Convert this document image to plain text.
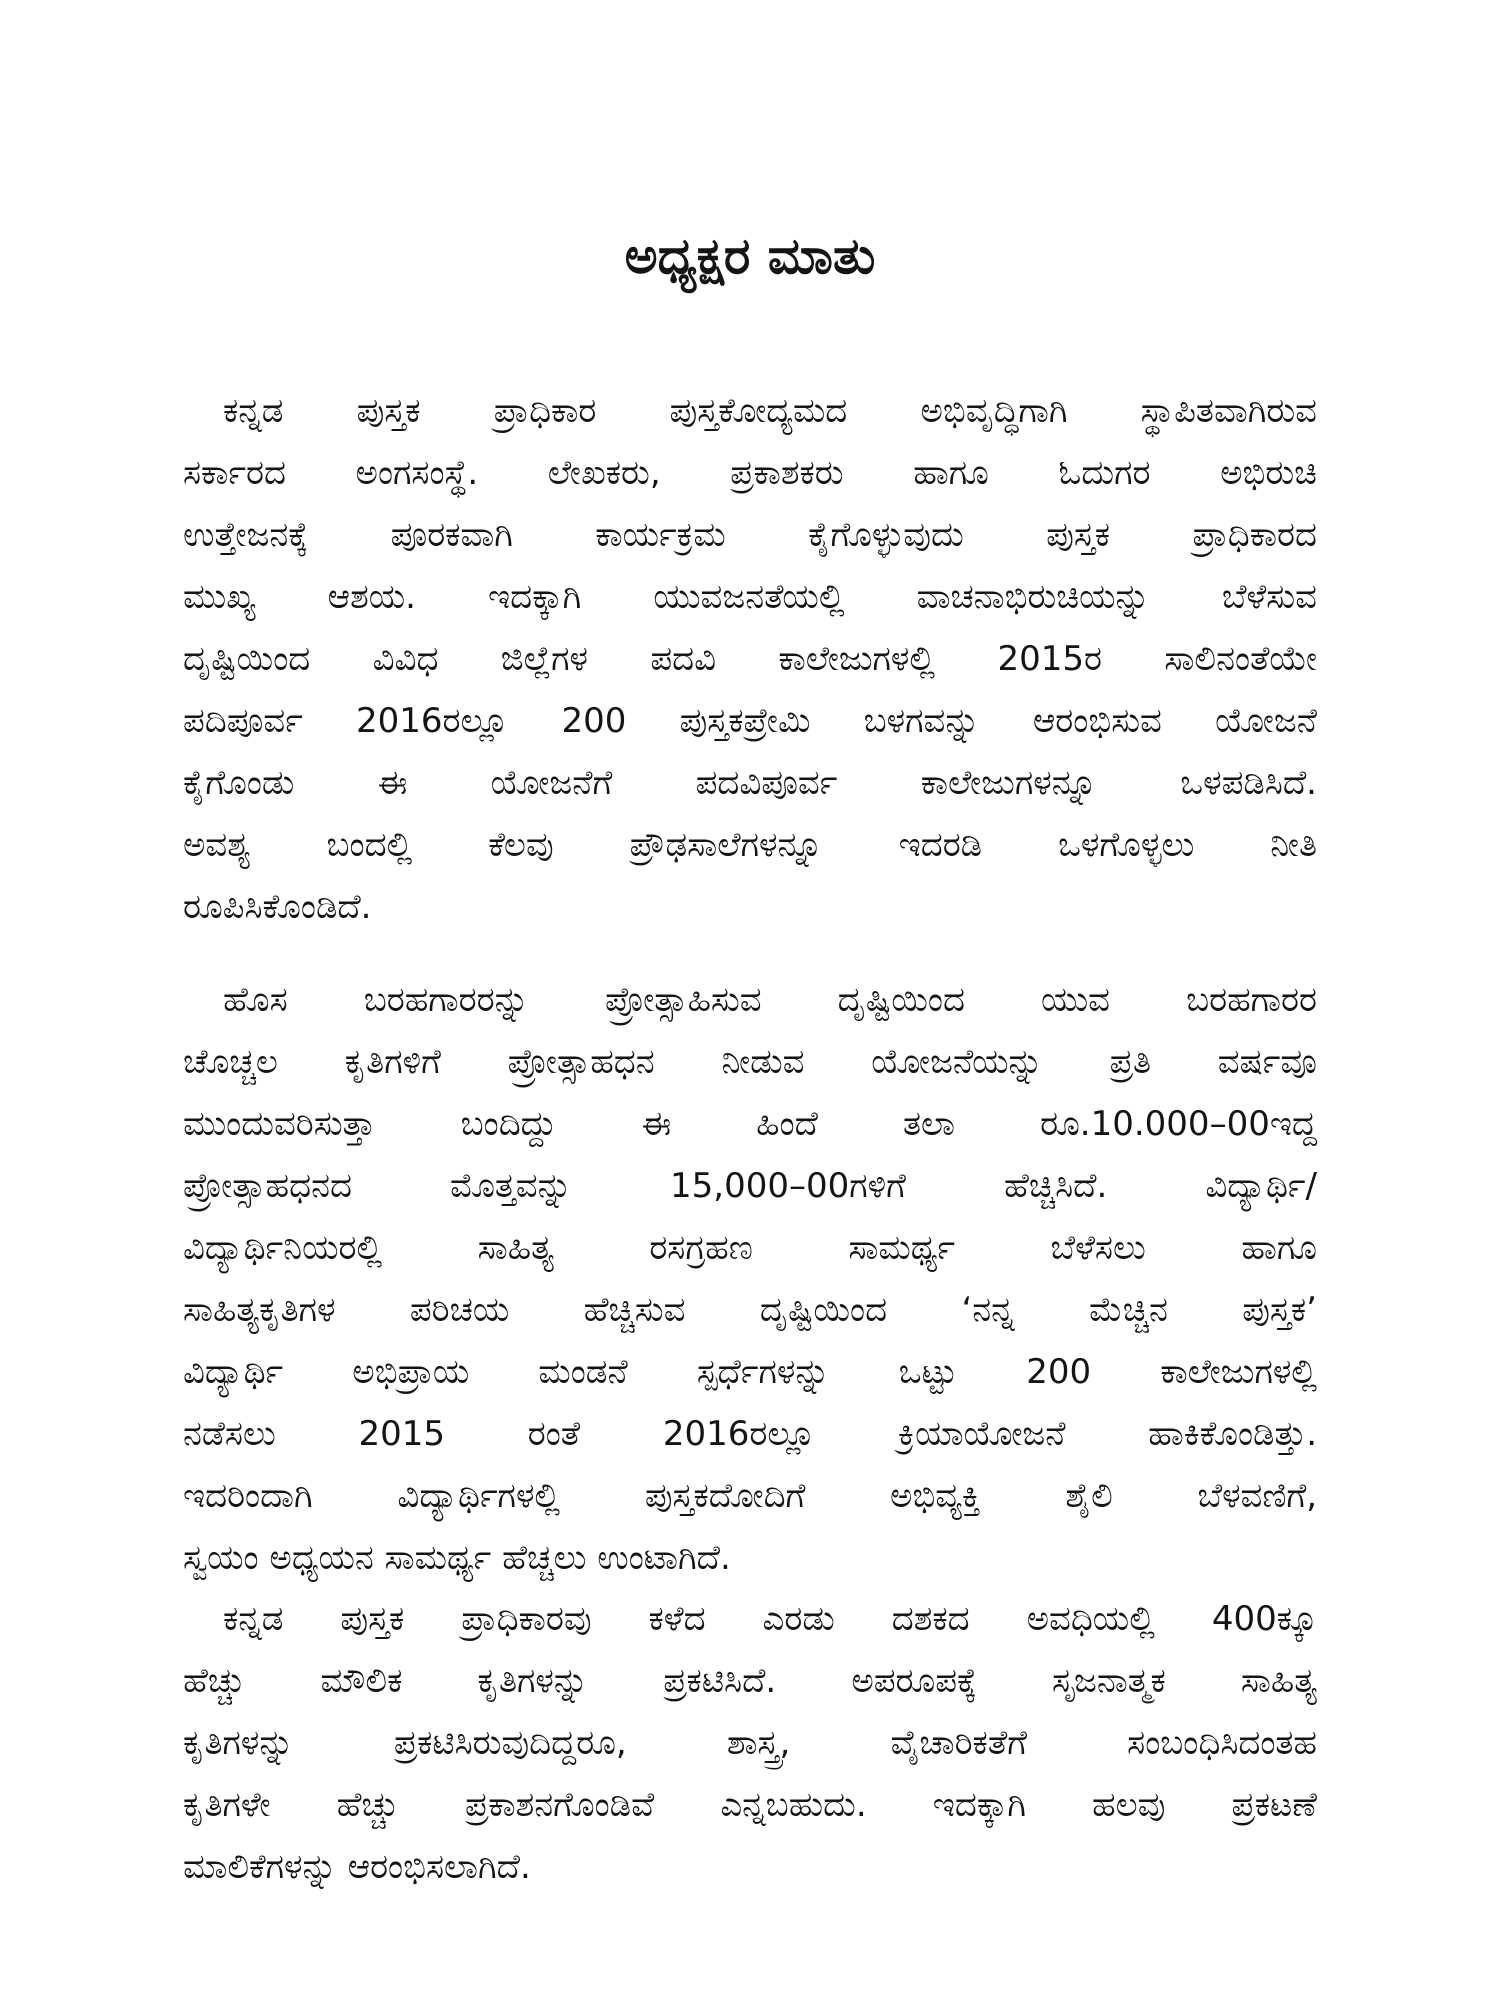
ಅಧ್ಯಕ್ಷರ ಮಾತು
ಕನ್ನಡ ಪುಸ್ತಕ ಪ್ರಾಧಿಕಾರ ಪುಸ್ತಕೋದ್ಯಮದ ಅಭಿವೃದ್ಧಿಗಾಗಿ ಸ್ಥಾಪಿತವಾಗಿರುವ
ಸರ್ಕಾರದ ಅಂಗಸಂಸ್ಥೆ. ಲೇಖಕರು, ಪ್ರಕಾಶಕರು ಹಾಗೂ ಓದುಗರ ಅಭಿರುಚಿ
ಉತ್ತೇಜನಕ್ಕೆ ಪೂರಕವಾಗಿ ಕಾರ್ಯಕ್ರಮ ಕೈಗೊಳ್ಳುವುದು ಪುಸ್ತಕ ಪ್ರಾಧಿಕಾರದ
ಮುಖ್ಯ ಆಶಯ. ಇದಕ್ಕಾಗಿ ಯುವಜನತೆಯಲ್ಲಿ ವಾಚನಾಭಿರುಚಿಯನ್ನು ಬೆಳೆಸುವ
ದೃಷ್ಟಿಯಿಂದ ವಿವಿಧ ಜಿಲ್ಲೆಗಳ ಪದವಿ ಕಾಲೇಜುಗಳಲ್ಲಿ 2015ರ ಸಾಲಿನಂತೆಯೇ
ಪದಿಪೂರ್ವ 2016ರಲ್ಲೂ 200 ಪುಸ್ತಕಪ್ರೇಮಿ ಬಳಗವನ್ನು ಆರಂಭಿಸುವ ಯೋಜನೆ
ಕೈಗೊಂಡು ಈ ಯೋಜನೆಗೆ ಪದವಿಪೂರ್ವ ಕಾಲೇಜುಗಳನ್ನೂ ಒಳಪಡಿಸಿದೆ.
ಅವಶ್ಯ ಬಂದಲ್ಲಿ ಕೆಲವು ಪ್ರೌಢಸಾಲೆಗಳನ್ನೂ ಇದರಡಿ ಒಳಗೊಳ್ಳಲು ನೀತಿ
ರೂಪಿಸಿಕೊಂಡಿದೆ.
ಹೊಸ ಬರಹಗಾರರನ್ನು ಪ್ರೋತ್ಸಾಹಿಸುವ ದೃಷ್ಟಿಯಿಂದ ಯುವ ಬರಹಗಾರರ
ಚೊಚ್ಚಲ ಕೃತಿಗಳಿಗೆ ಪ್ರೋತ್ಸಾಹಧನ ನೀಡುವ ಯೋಜನೆಯನ್ನು ಪ್ರತಿ ವರ್ಷವೂ
ಮುಂದುವರಿಸುತ್ತಾ ಬಂದಿದ್ದು ಈ ಹಿಂದೆ ತಲಾ ರೂ.10.000–00ಇದ್ದ
ಪ್ರೋತ್ಸಾಹಧನದ ಮೊತ್ತವನ್ನು 15,000–00ಗಳಿಗೆ ಹೆಚ್ಚಿಸಿದೆ. ವಿದ್ಯಾರ್ಥಿ/
ವಿದ್ಯಾರ್ಥಿನಿಯರಲ್ಲಿ ಸಾಹಿತ್ಯ ರಸಗ್ರಹಣ ಸಾಮರ್ಥ್ಯ ಬೆಳೆಸಲು ಹಾಗೂ
ಸಾಹಿತ್ಯಕೃತಿಗಳ ಪರಿಚಯ ಹೆಚ್ಚಿಸುವ ದೃಷ್ಟಿಯಿಂದ ‘ನನ್ನ ಮೆಚ್ಚಿನ ಪುಸ್ತಕ’
ವಿದ್ಯಾರ್ಥಿ ಅಭಿಪ್ರಾಯ ಮಂಡನೆ ಸ್ಪರ್ಧೆಗಳನ್ನು ಒಟ್ಟು 200 ಕಾಲೇಜುಗಳಲ್ಲಿ
ನಡೆಸಲು 2015 ರಂತೆ 2016ರಲ್ಲೂ ಕ್ರಿಯಾಯೋಜನೆ ಹಾಕಿಕೊಂಡಿತ್ತು.
ಇದರಿಂದಾಗಿ ವಿದ್ಯಾರ್ಥಿಗಳಲ್ಲಿ ಪುಸ್ತಕದೋದಿಗೆ ಅಭಿವ್ಯಕ್ತಿ ಶೈಲಿ ಬೆಳವಣಿಗೆ,
ಸ್ವಯಂ ಅಧ್ಯಯನ ಸಾಮರ್ಥ್ಯ ಹೆಚ್ಚಲು ಉಂಟಾಗಿದೆ.
ಕನ್ನಡ ಪುಸ್ತಕ ಪ್ರಾಧಿಕಾರವು ಕಳೆದ ಎರಡು ದಶಕದ ಅವಧಿಯಲ್ಲಿ 400ಕ್ಕೂ
ಹೆಚ್ಚು ಮೌಲಿಕ ಕೃತಿಗಳನ್ನು ಪ್ರಕಟಿಸಿದೆ. ಅಪರೂಪಕ್ಕೆ ಸೃಜನಾತ್ಮಕ ಸಾಹಿತ್ಯ
ಕೃತಿಗಳನ್ನು ಪ್ರಕಟಿಸಿರುವುದಿದ್ದರೂ, ಶಾಸ್ತ್ರ, ವೈಚಾರಿಕತೆಗೆ ಸಂಬಂಧಿಸಿದಂತಹ
ಕೃತಿಗಳೇ ಹೆಚ್ಚು ಪ್ರಕಾಶನಗೊಂಡಿವೆ ಎನ್ನಬಹುದು. ಇದಕ್ಕಾಗಿ ಹಲವು ಪ್ರಕಟಣೆ
ಮಾಲಿಕೆಗಳನ್ನು ಆರಂಭಿಸಲಾಗಿದೆ.
